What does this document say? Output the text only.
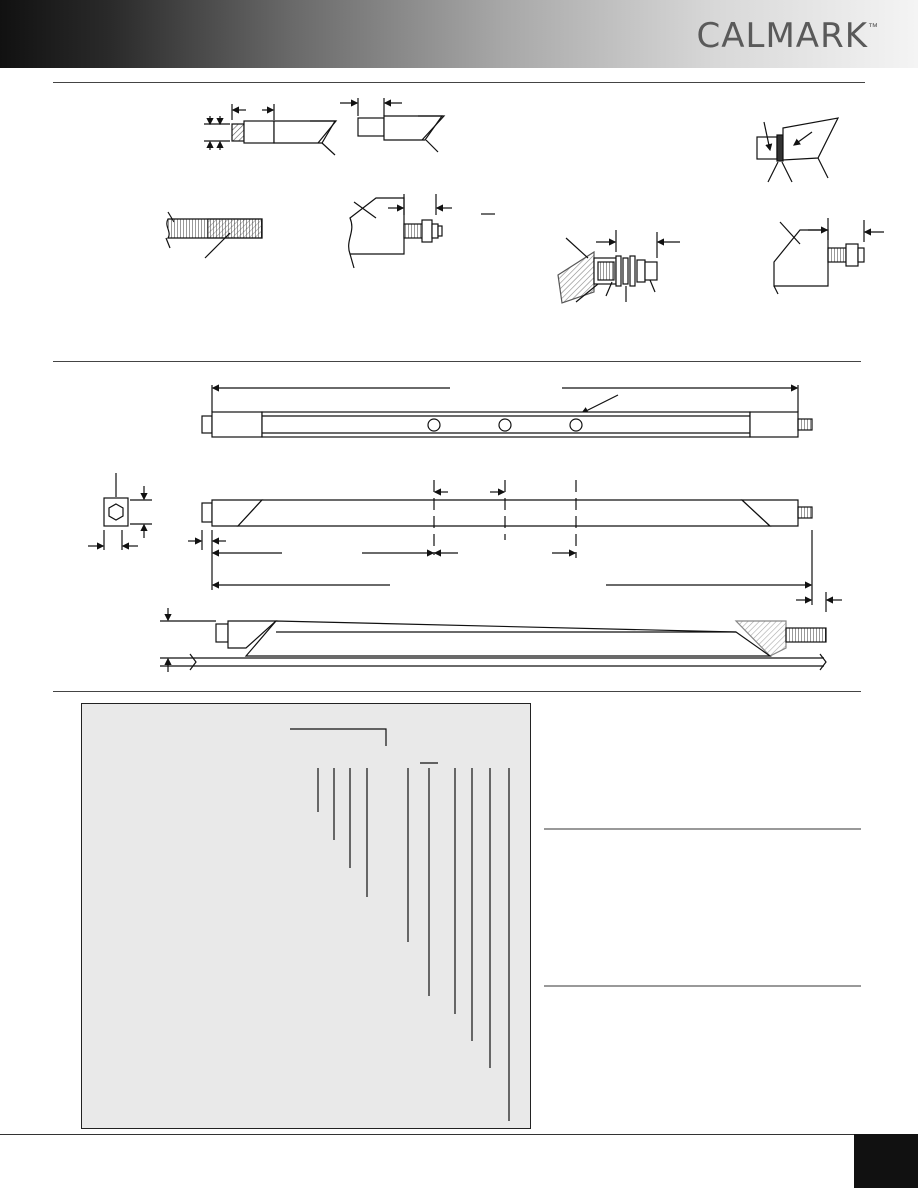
CALMARK ™
